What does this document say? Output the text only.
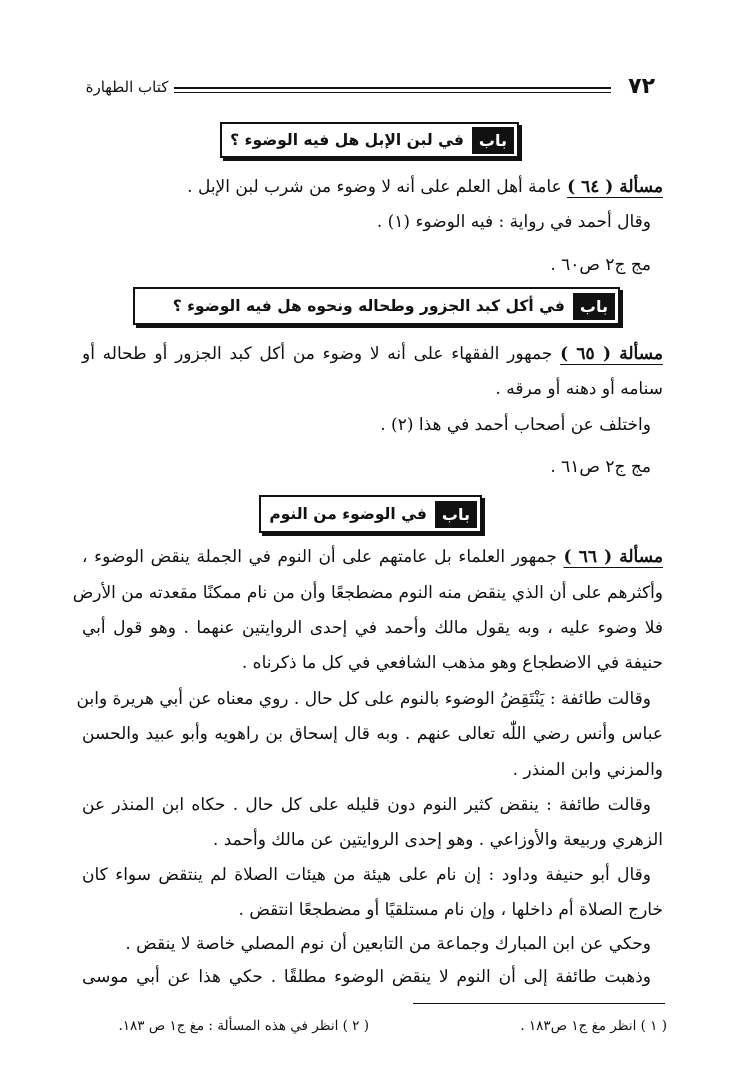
٧٢
كتاب الطهارة
باب
في لبن الإبل هل فيه الوضوء ؟
مسألة ( ٦٤ ) عامة أهل العلم على أنه لا وضوء من شرب لبن الإبل .
وقال أحمد في رواية : فيه الوضوء (١) .
مج ج٢ ص٦٠ .
باب
في أكل كبد الجزور وطحاله ونحوه هل فيه الوضوء ؟
مسألة ( ٦٥ ) جمهور الفقهاء على أنه لا وضوء من أكل كبد الجزور أو طحاله أو
سنامه أو دهنه أو مرقه .
واختلف عن أصحاب أحمد في هذا (٢) .
مج ج٢ ص٦١ .
باب
في الوضوء من النوم
مسألة ( ٦٦ ) جمهور العلماء بل عامتهم على أن النوم في الجملة ينقض الوضوء ،
وأكثرهم على أن الذي ينقض منه النوم مضطجعًا وأن من نام ممكنًا مقعدته من الأرض
فلا وضوء عليه ، وبه يقول مالك وأحمد في إحدى الروايتين عنهما . وهو قول أبي
حنيفة في الاضطجاع وهو مذهب الشافعي في كل ما ذكرناه .
وقالت طائفة : يَنْتَقِضُ الوضوء بالنوم على كل حال . روي معناه عن أبي هريرة وابن
عباس وأنس رضي اللّٰه تعالى عنهم . وبه قال إسحاق بن راهويه وأبو عبيد والحسن
والمزني وابن المنذر .
وقالت طائفة : ينقض كثير النوم دون قليله على كل حال . حكاه ابن المنذر عن
الزهري وربيعة والأوزاعي . وهو إحدى الروايتين عن مالك وأحمد .
وقال أبو حنيفة وداود : إن نام على هيئة من هيئات الصلاة لم ينتقض سواء كان
خارج الصلاة أم داخلها ، وإن نام مستلقيًا أو مضطجعًا انتقض .
وحكي عن ابن المبارك وجماعة من التابعين أن نوم المصلي خاصة لا ينقض .
وذهبت طائفة إلى أن النوم لا ينقض الوضوء مطلقًا . حكي هذا عن أبي موسى
( ١ ) انظر مغ ج١ ص١٨٣ .
( ٢ ) انظر في هذه المسألة : مغ ج١ ص ١٨٣.
